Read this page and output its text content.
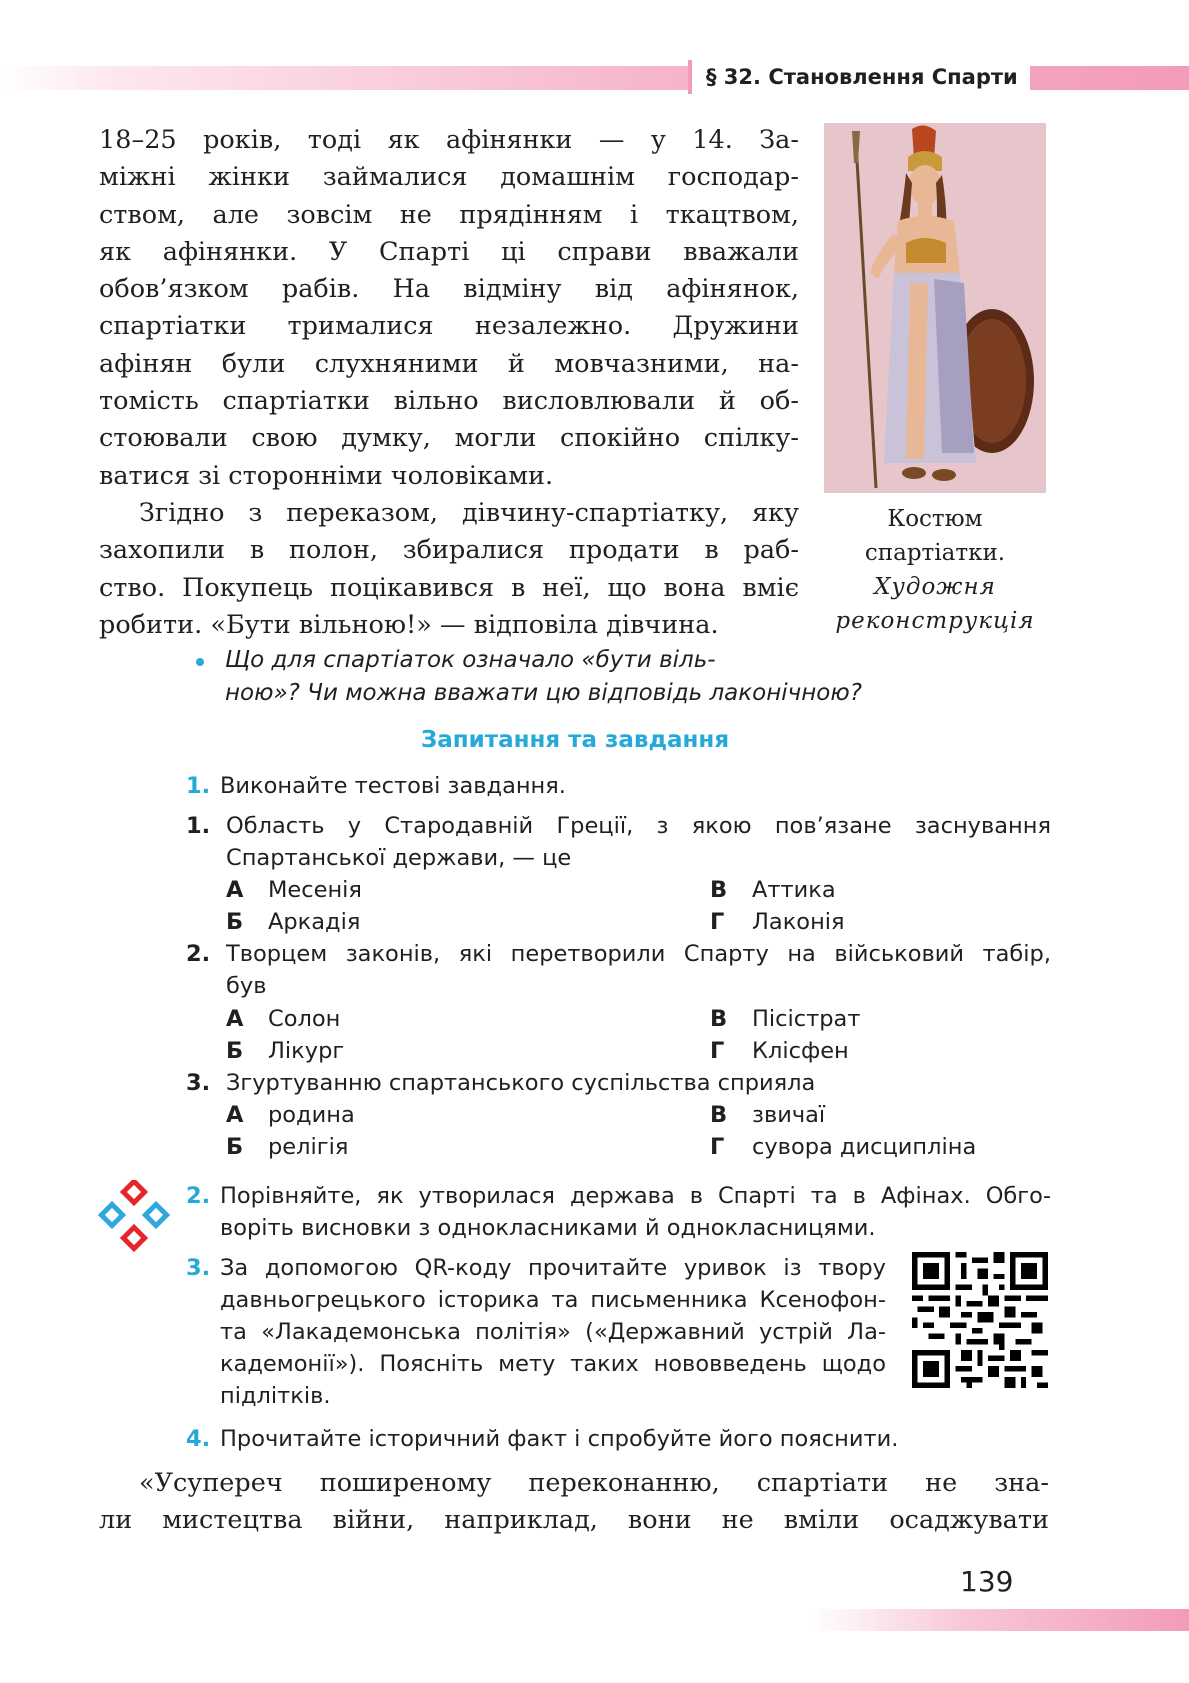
§ 32. Становлення Спарти
18–25 років, тоді як афінянки — у 14. За-
міжні жінки займалися домашнім господар-
ством, але зовсім не прядінням і ткацтвом,
як афінянки. У Спарті ці справи вважали
обов’язком рабів. На відміну від афінянок,
спартіатки трималися незалежно. Дружини
афінян були слухняними й мовчазними, на-
томість спартіатки вільно висловлювали й об-
стоювали свою думку, могли спокійно спілку-
ватися зі сторонніми чоловіками.
Згідно з переказом, дівчину-спартіатку, яку
захопили в полон, збиралися продати в раб-
ство. Покупець поцікавився в неї, що вона вміє
робити. «Бути вільною!» — відповіла дівчина.
Костюм
спартіатки.
Художня
реконструкція
Що для спартіаток означало «бути віль-
ною»? Чи можна вважати цю відповідь лаконічною?
Запитання та завдання
1. Виконайте тестові завдання.
1. Область у Стародавній Греції, з якою пов’язане заснування
Спартанської держави, — це
А Месенія
Б Аркадія
В Аттика
Г Лаконія
2. Творцем законів, які перетворили Спарту на військовий табір,
був
А Солон
Б Лікург
В Пісістрат
Г Клісфен
3. Згуртуванню спартанського суспільства сприяла
А родина
Б релігія
В звичаї
Г сувора дисципліна
2. Порівняйте, як утворилася держава в Спарті та в Афінах. Обго-
воріть висновки з однокласниками й однокласницями.
3. За допомогою QR-коду прочитайте уривок із твору
давньогрецького історика та письменника Ксенофон-
та «Лакадемонська політія» («Державний устрій Ла-
кадемонії»). Поясніть мету таких нововведень щодо
підлітків.
4. Прочитайте історичний факт і спробуйте його пояснити.
«Усупереч поширеному переконанню, спартіати не зна-
ли мистецтва війни, наприклад, вони не вміли осаджувати
139
